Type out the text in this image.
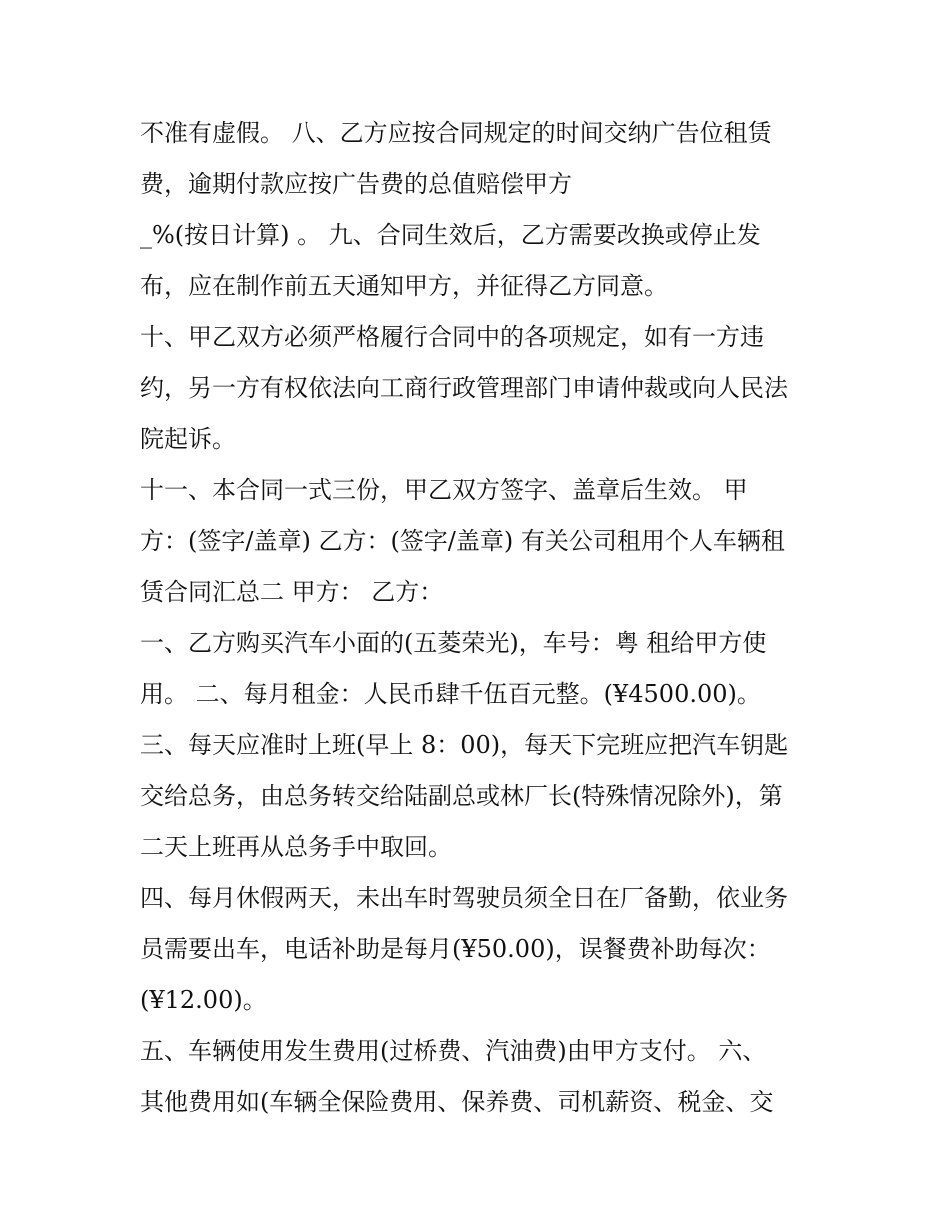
不准有虚假。 八、乙方应按合同规定的时间交纳广告位租赁
费，逾期付款应按广告费的总值赔偿甲方
_%(按日计算) 。 九、合同生效后，乙方需要改换或停止发
布，应在制作前五天通知甲方，并征得乙方同意。
十、甲乙双方必须严格履行合同中的各项规定，如有一方违
约，另一方有权依法向工商行政管理部门申请仲裁或向人民法
院起诉。
十一、本合同一式三份，甲乙双方签字、盖章后生效。 甲
方：(签字/盖章) 乙方：(签字/盖章) 有关公司租用个人车辆租
赁合同汇总二 甲方： 乙方：
一、乙方购买汽车小面的(五菱荣光)，车号：粤 租给甲方使
用。 二、每月租金：人民币肆千伍百元整。(¥4500.00)。
三、每天应准时上班(早上 8：00)，每天下完班应把汽车钥匙
交给总务，由总务转交给陆副总或林厂长(特殊情况除外)，第
二天上班再从总务手中取回。
四、每月休假两天，未出车时驾驶员须全日在厂备勤，依业务
员需要出车，电话补助是每月(¥50.00)，误餐费补助每次：
(¥12.00)。
五、车辆使用发生费用(过桥费、汽油费)由甲方支付。 六、
其他费用如(车辆全保险费用、保养费、司机薪资、税金、交
